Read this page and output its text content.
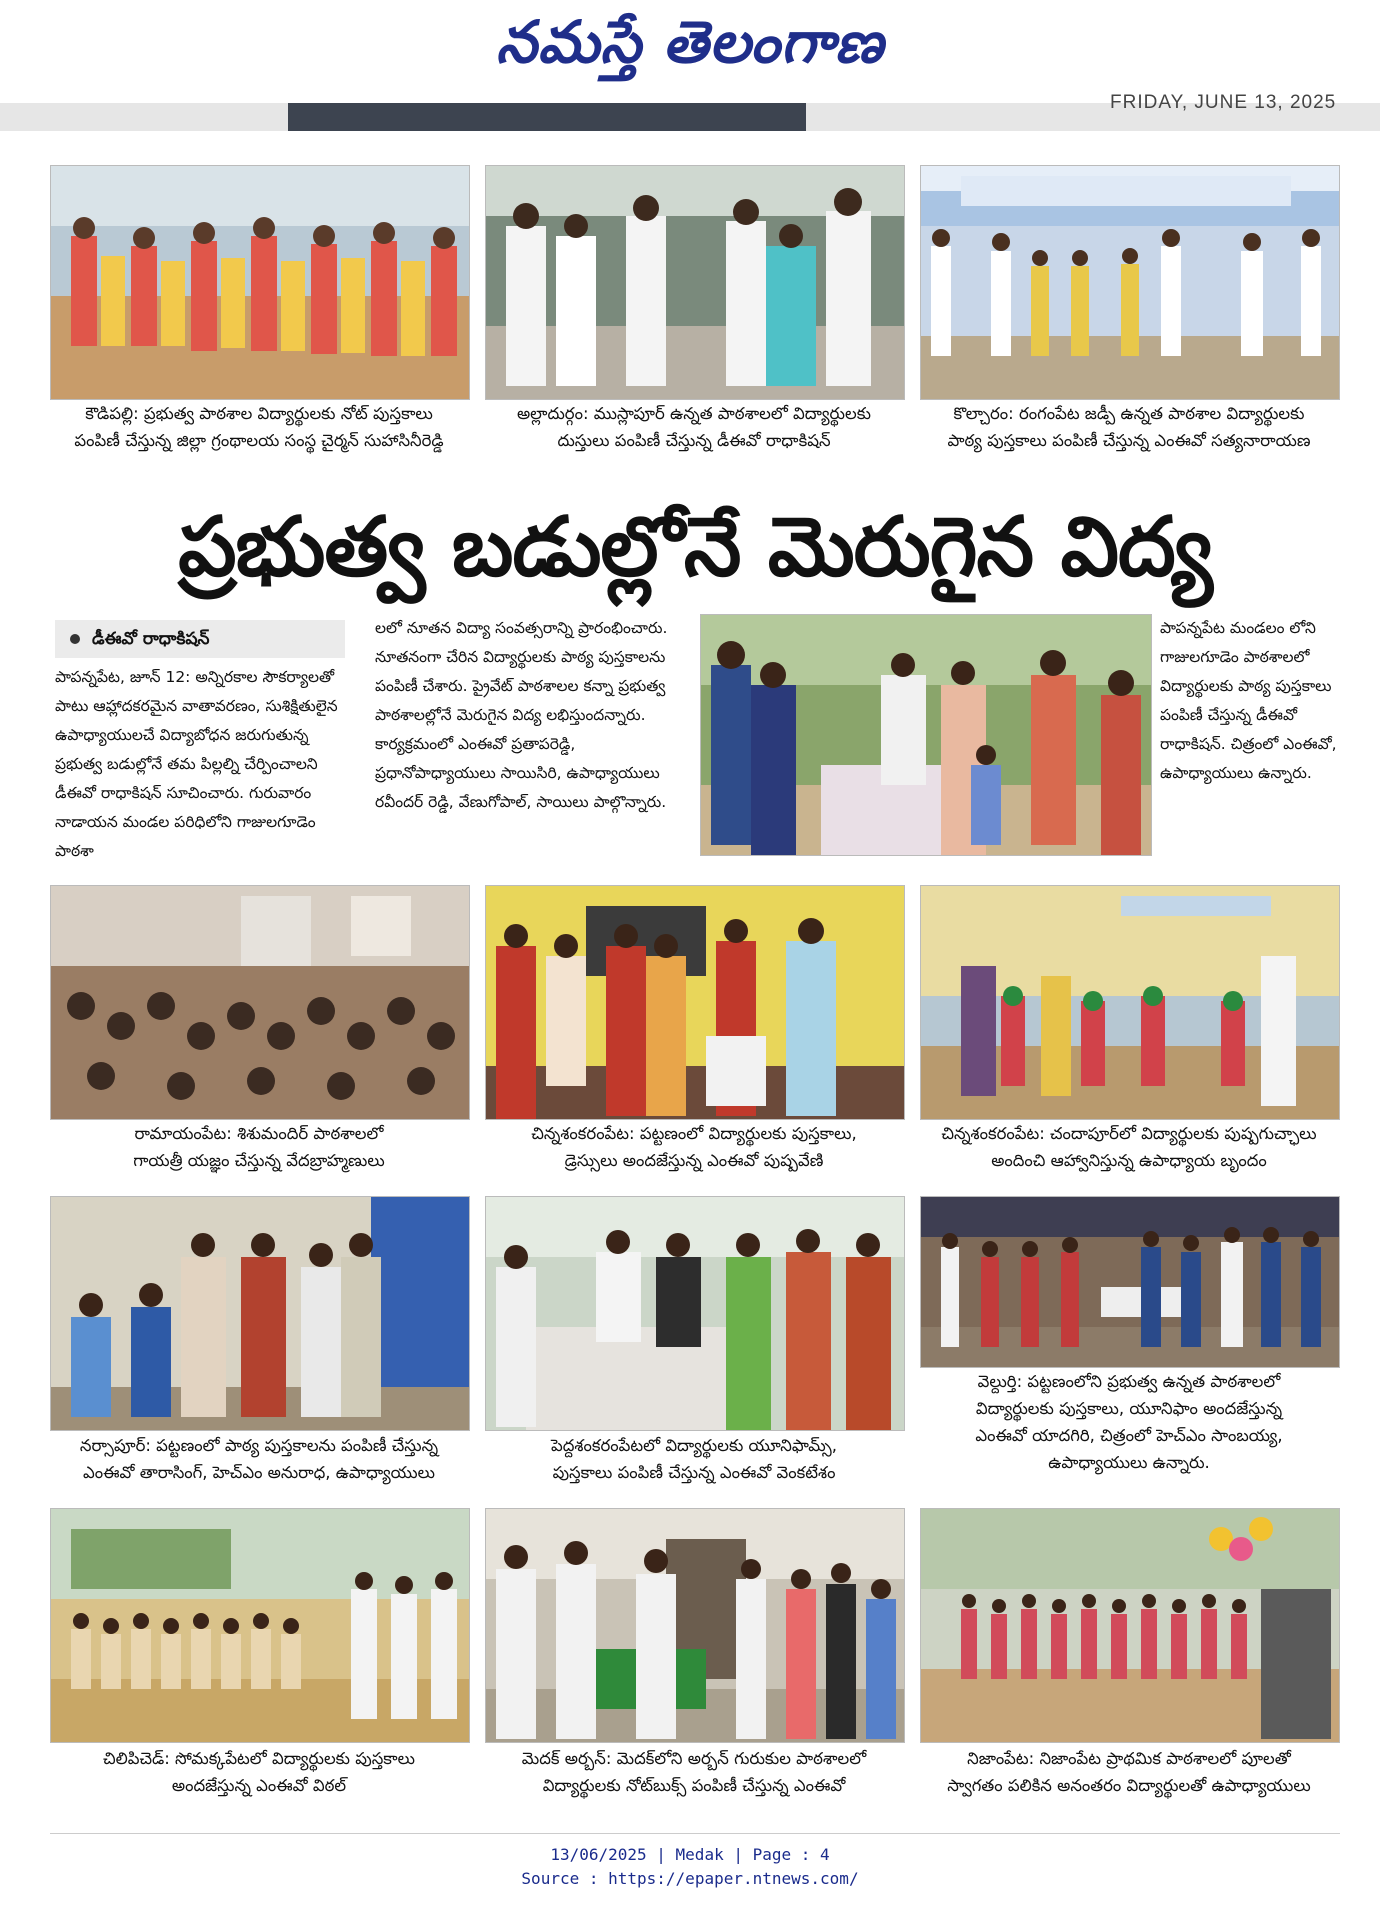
నమస్తే తెలంగాణ
FRIDAY, JUNE 13, 2025
కౌడిపల్లి: ప్రభుత్వ పాఠశాల విద్యార్థులకు నోట్ పుస్తకాలు
పంపిణీ చేస్తున్న జిల్లా గ్రంథాలయ సంస్థ చైర్మన్ సుహాసినీరెడ్డి
అల్లాదుర్గం: ముస్లాపూర్ ఉన్నత పాఠశాలలో విద్యార్థులకు
దుస్తులు పంపిణీ చేస్తున్న డీఈవో రాధాకిషన్
కొల్చారం: రంగంపేట జడ్పీ ఉన్నత పాఠశాల విద్యార్థులకు
పాఠ్య పుస్తకాలు పంపిణీ చేస్తున్న ఎంఈవో సత్యనారాయణ
ప్రభుత్వ బడుల్లోనే మెరుగైన విద్య
డీఈవో రాధాకిషన్
పాపన్నపేట, జూన్ 12: అన్నిరకాల సౌకర్యాలతో పాటు ఆహ్లాదకరమైన వాతావరణం, సుశిక్షితులైన ఉపాధ్యాయులచే విద్యాబోధన జరుగుతున్న ప్రభుత్వ బడుల్లోనే తమ పిల్లల్ని చేర్పించాలని డీఈవో రాధాకిషన్ సూచించారు. గురువారం నాడాయన మండల పరిధిలోని గాజులగూడెం పాఠశా
లలో నూతన విద్యా సంవత్సరాన్ని ప్రారంభించారు. నూతనంగా చేరిన విద్యార్థులకు పాఠ్య పుస్తకాలను పంపిణీ చేశారు. ప్రైవేట్ పాఠశాలల కన్నా ప్రభుత్వ పాఠశాలల్లోనే మెరుగైన విద్య లభిస్తుందన్నారు. కార్యక్రమంలో ఎంఈవో ప్రతాపరెడ్డి, ప్రధానోపాధ్యాయులు సాయిసిరి, ఉపాధ్యాయులు రవీందర్ రెడ్డి, వేణుగోపాల్, సాయిలు పాల్గొన్నారు.
పాపన్నపేట మండలం లోని గాజులగూడెం పాఠశాలలో విద్యార్థులకు పాఠ్య పుస్తకాలు పంపిణీ చేస్తున్న డీఈవో రాధాకిషన్. చిత్రంలో ఎంఈవో, ఉపాధ్యాయులు ఉన్నారు.
రామాయంపేట: శిశుమందిర్ పాఠశాలలో
గాయత్రీ యజ్ఞం చేస్తున్న వేదబ్రాహ్మణులు
చిన్నశంకరంపేట: పట్టణంలో విద్యార్థులకు పుస్తకాలు,
డ్రెస్సులు అందజేస్తున్న ఎంఈవో పుష్పవేణి
చిన్నశంకరంపేట: చందాపూర్‌లో విద్యార్థులకు పుష్పగుచ్ఛాలు
అందించి ఆహ్వానిస్తున్న ఉపాధ్యాయ బృందం
నర్సాపూర్: పట్టణంలో పాఠ్య పుస్తకాలను పంపిణీ చేస్తున్న
ఎంఈవో తారాసింగ్, హెచ్ఎం అనురాధ, ఉపాధ్యాయులు
పెద్దశంకరంపేటలో విద్యార్థులకు యూనిఫామ్స్,
పుస్తకాలు పంపిణీ చేస్తున్న ఎంఈవో వెంకటేశం
వెల్దుర్తి: పట్టణంలోని ప్రభుత్వ ఉన్నత పాఠశాలలో
విద్యార్థులకు పుస్తకాలు, యూనిఫాం అందజేస్తున్న
ఎంఈవో యాదగిరి, చిత్రంలో హెచ్ఎం సాంబయ్య,
ఉపాధ్యాయులు ఉన్నారు.
చిలిపిచెడ్: సోమక్కపేటలో విద్యార్థులకు పుస్తకాలు
అందజేస్తున్న ఎంఈవో విఠల్
మెదక్ అర్బన్: మెదక్‌లోని అర్బన్ గురుకుల పాఠశాలలో
విద్యార్థులకు నోట్‌బుక్స్ పంపిణీ చేస్తున్న ఎంఈవో
నిజాంపేట: నిజాంపేట ప్రాథమిక పాఠశాలలో పూలతో
స్వాగతం పలికిన అనంతరం విద్యార్థులతో ఉపాధ్యాయులు
13/06/2025 | Medak | Page : 4
Source : https://epaper.ntnews.com/
